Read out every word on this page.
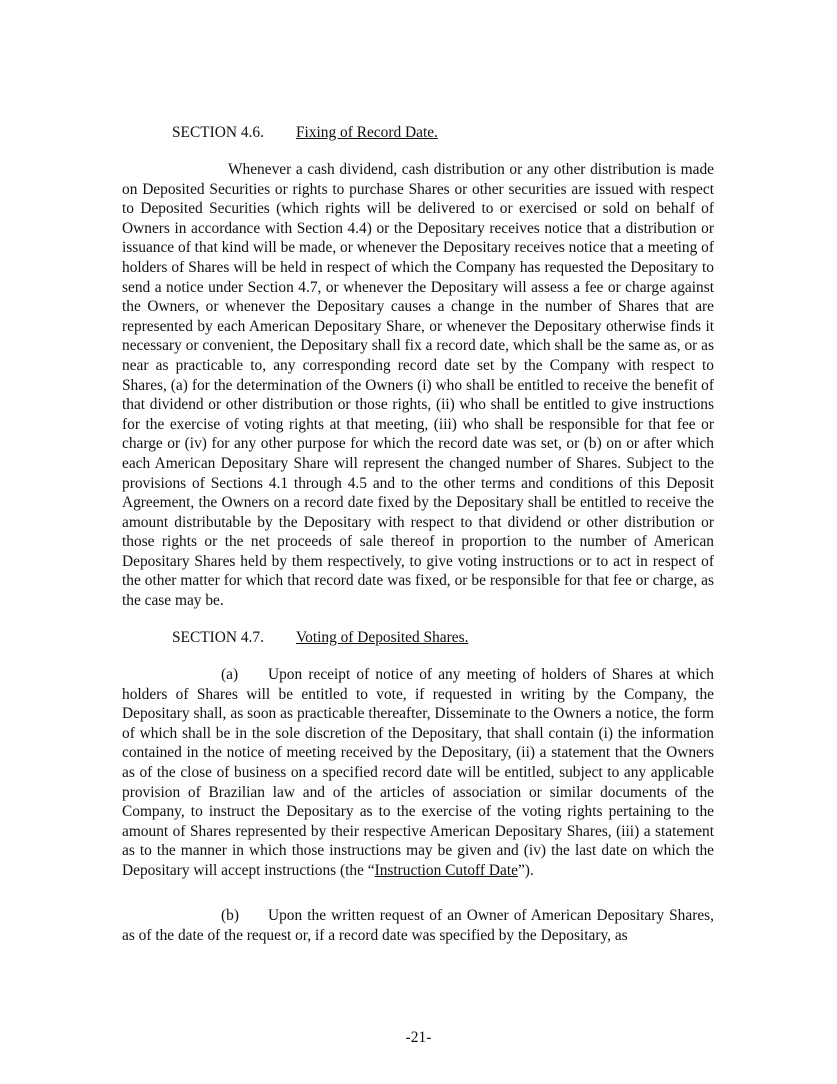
SECTION 4.6. Fixing of Record Date.
Whenever a cash dividend, cash distribution or any other distribution is made on Deposited Securities or rights to purchase Shares or other securities are issued with respect to Deposited Securities (which rights will be delivered to or exercised or sold on behalf of Owners in accordance with Section 4.4) or the Depositary receives notice that a distribution or issuance of that kind will be made, or whenever the Depositary receives notice that a meeting of holders of Shares will be held in respect of which the Company has requested the Depositary to send a notice under Section 4.7, or whenever the Depositary will assess a fee or charge against the Owners, or whenever the Depositary causes a change in the number of Shares that are represented by each American Depositary Share, or whenever the Depositary otherwise finds it necessary or convenient, the Depositary shall fix a record date, which shall be the same as, or as near as practicable to, any corresponding record date set by the Company with respect to Shares, (a) for the determination of the Owners (i) who shall be entitled to receive the benefit of that dividend or other distribution or those rights, (ii) who shall be entitled to give instructions for the exercise of voting rights at that meeting, (iii) who shall be responsible for that fee or charge or (iv) for any other purpose for which the record date was set, or (b) on or after which each American Depositary Share will represent the changed number of Shares. Subject to the provisions of Sections 4.1 through 4.5 and to the other terms and conditions of this Deposit Agreement, the Owners on a record date fixed by the Depositary shall be entitled to receive the amount distributable by the Depositary with respect to that dividend or other distribution or those rights or the net proceeds of sale thereof in proportion to the number of American Depositary Shares held by them respectively, to give voting instructions or to act in respect of the other matter for which that record date was fixed, or be responsible for that fee or charge, as the case may be.
SECTION 4.7. Voting of Deposited Shares.
(a) Upon receipt of notice of any meeting of holders of Shares at which holders of Shares will be entitled to vote, if requested in writing by the Company, the Depositary shall, as soon as practicable thereafter, Disseminate to the Owners a notice, the form of which shall be in the sole discretion of the Depositary, that shall contain (i) the information contained in the notice of meeting received by the Depositary, (ii) a statement that the Owners as of the close of business on a specified record date will be entitled, subject to any applicable provision of Brazilian law and of the articles of association or similar documents of the Company, to instruct the Depositary as to the exercise of the voting rights pertaining to the amount of Shares represented by their respective American Depositary Shares, (iii) a statement as to the manner in which those instructions may be given and (iv) the last date on which the Depositary will accept instructions (the “Instruction Cutoff Date”).
(b) Upon the written request of an Owner of American Depositary Shares, as of the date of the request or, if a record date was specified by the Depositary, as
-21-
